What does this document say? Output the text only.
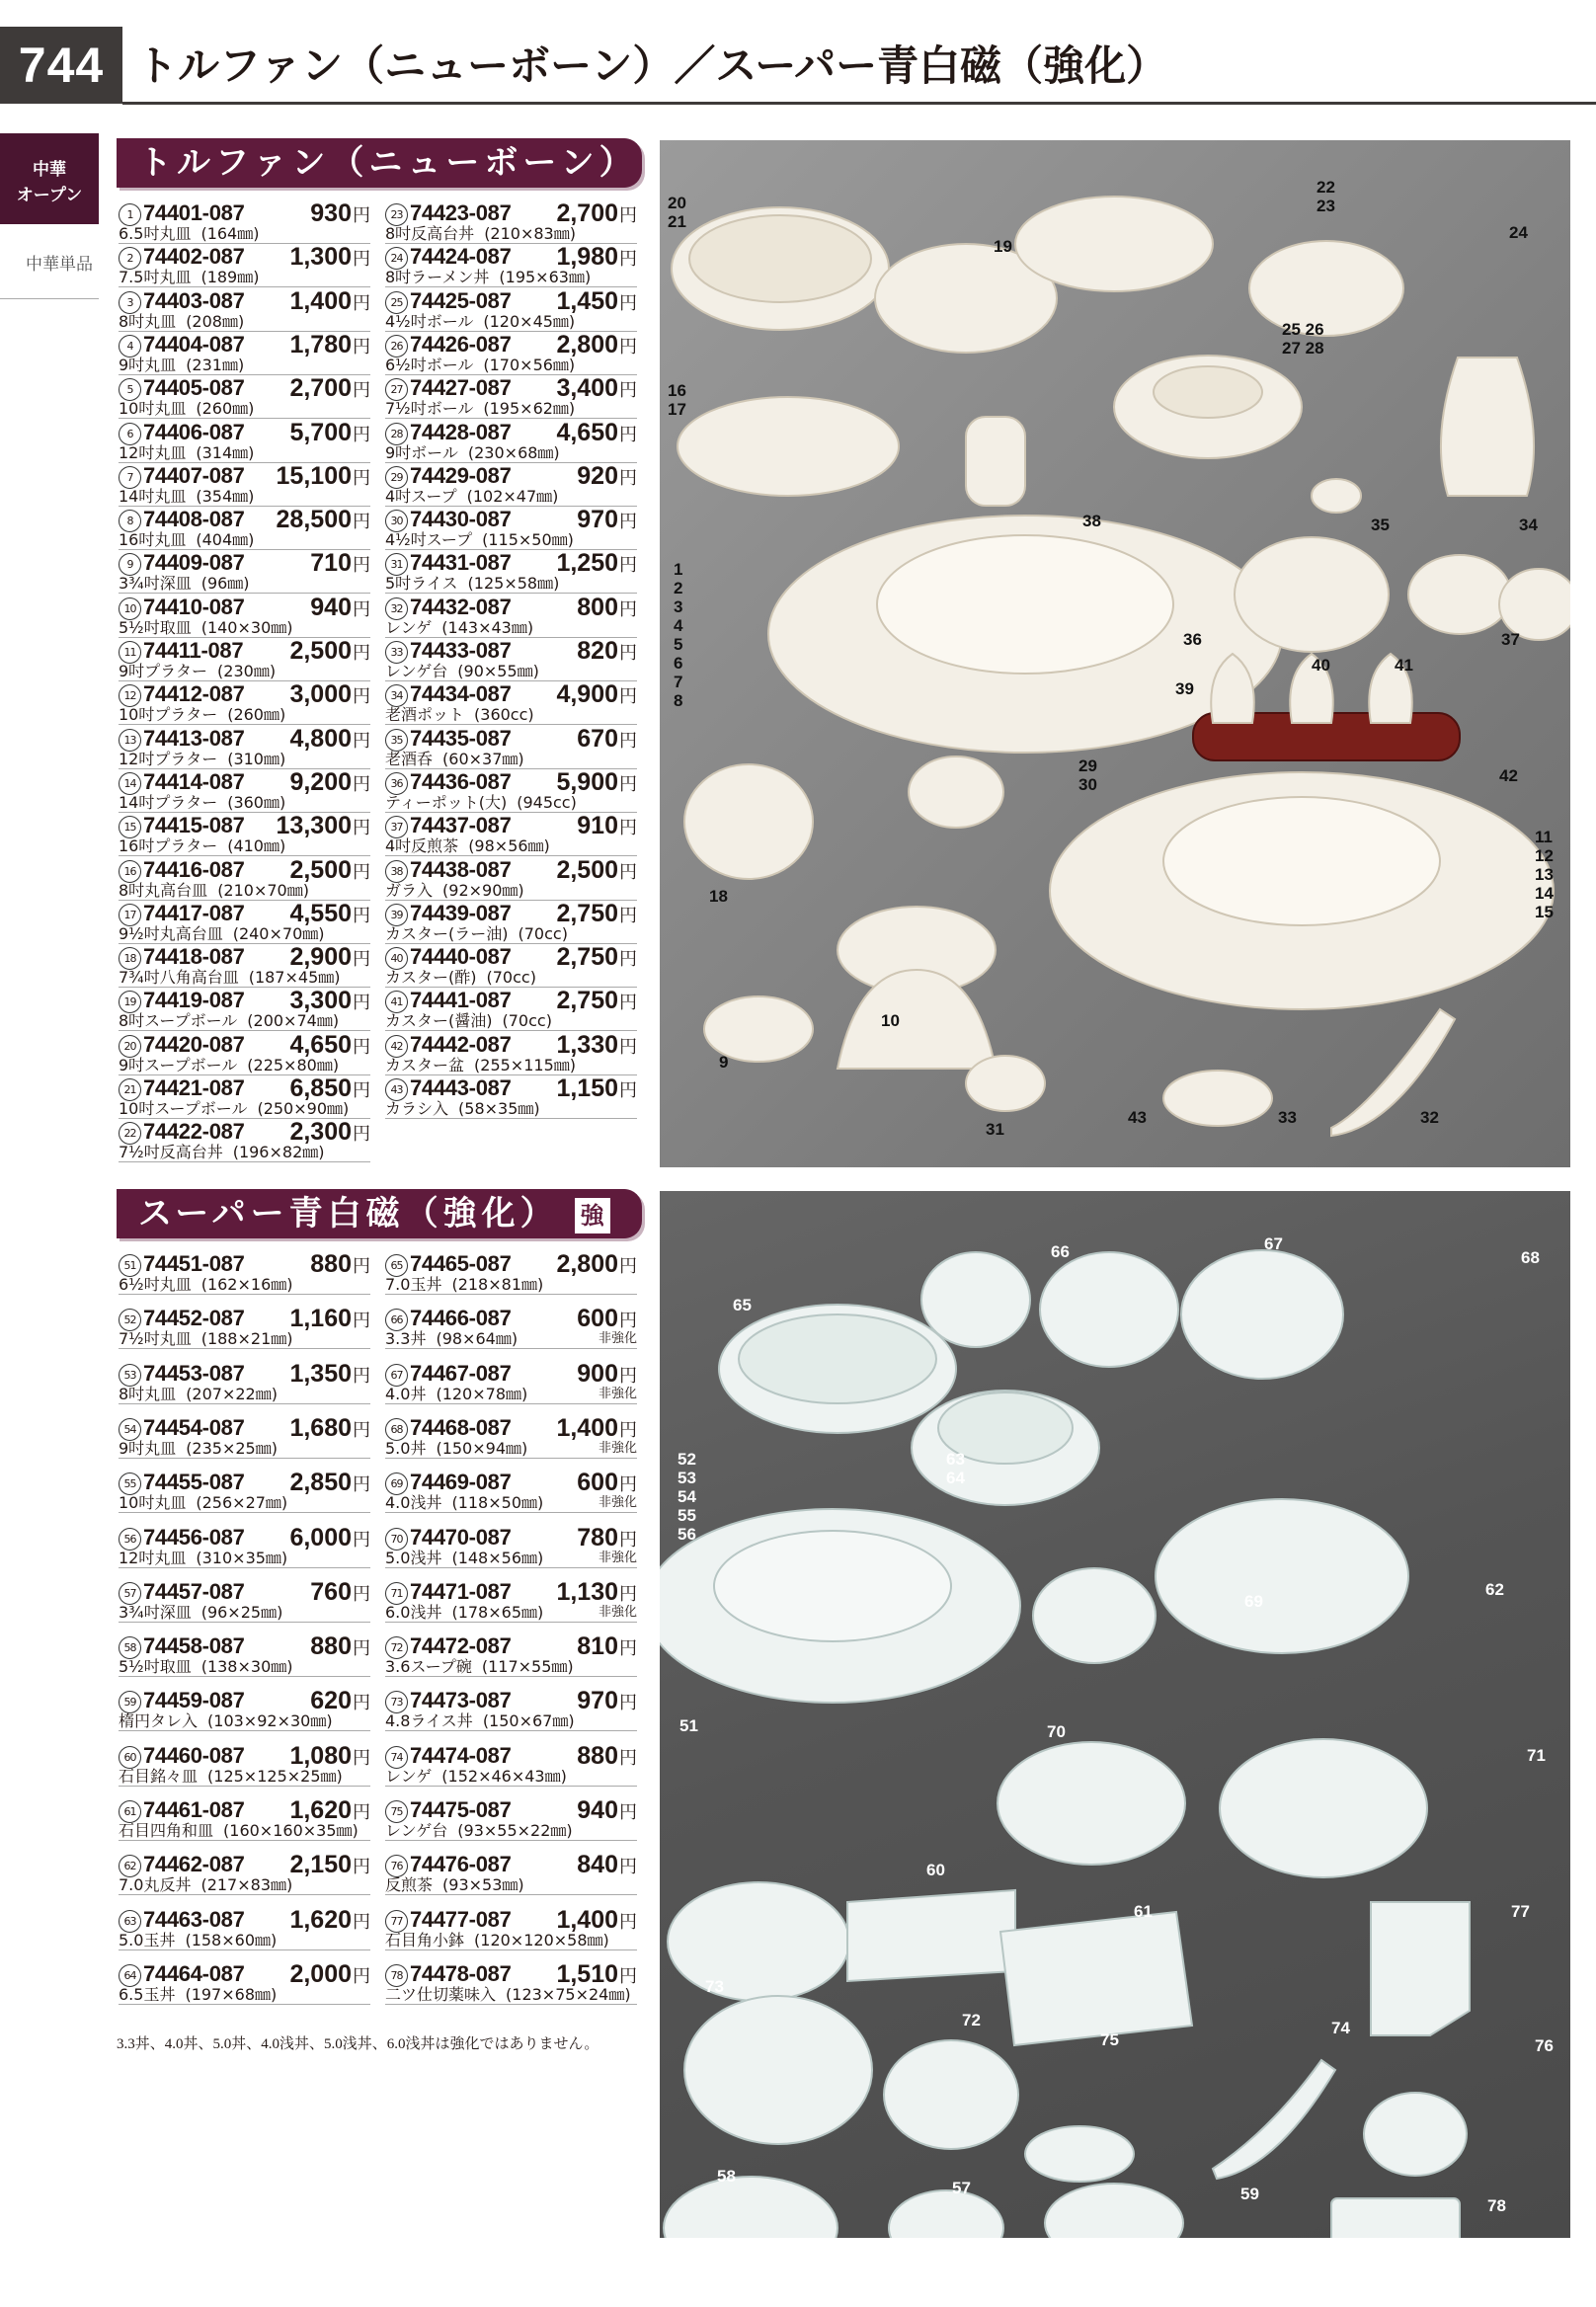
744 トルファン（ニューボーン）／スーパー青白磁（強化）
中華
オープン
中華単品
トルファン（ニューボーン）
1 74401-087	930円
6.5吋丸皿 (164㎜)
2 74402-087 1,300円
7.5吋丸皿 (189㎜)
3 74403-087 1,400円
8吋丸皿 (208㎜)
4 74404-087 1,780円
9吋丸皿 (231㎜)
5 74405-087 2,700円
10吋丸皿 (260㎜)
6 74406-087 5,700円
12吋丸皿 (314㎜)
7 74407-087 15,100円
14吋丸皿 (354㎜)
8 74408-087 28,500円
16吋丸皿 (404㎜)
9 74409-087	710円
3¾吋深皿 (96㎜)
10 74410-087	940円
5½吋取皿 (140×30㎜)
11 74411-087 2,500円
9吋プラター (230㎜)
12 74412-087 3,000円
10吋プラター (260㎜)
13 74413-087 4,800円
12吋プラター (310㎜)
14 74414-087 9,200円
14吋プラター (360㎜)
15 74415-087 13,300円
16吋プラター (410㎜)
16 74416-087 2,500円
8吋丸高台皿 (210×70㎜)
17 74417-087 4,550円
9½吋丸高台皿 (240×70㎜)
18 74418-087 2,900円
7¾吋八角高台皿 (187×45㎜)
19 74419-087 3,300円
8吋スープボール (200×74㎜)
20 74420-087 4,650円
9吋スープボール (225×80㎜)
21 74421-087 6,850円
10吋スープボール (250×90㎜)
22 74422-087 2,300円
7½吋反高台丼 (196×82㎜)
23 74423-087 2,700円
8吋反高台丼 (210×83㎜)
24 74424-087 1,980円
8吋ラーメン丼 (195×63㎜)
25 74425-087 1,450円
4½吋ボール (120×45㎜)
26 74426-087 2,800円
6½吋ボール (170×56㎜)
27 74427-087 3,400円
7½吋ボール (195×62㎜)
28 74428-087 4,650円
9吋ボール (230×68㎜)
29 74429-087	920円
4吋スープ (102×47㎜)
30 74430-087	970円
4½吋スープ (115×50㎜)
31 74431-087 1,250円
5吋ライス (125×58㎜)
32 74432-087	800円
レンゲ (143×43㎜)
33 74433-087	820円
レンゲ台 (90×55㎜)
34 74434-087 4,900円
老酒ポット (360cc)
35 74435-087	670円
老酒呑 (60×37㎜)
36 74436-087 5,900円
ティーポット(大) (945cc)
37 74437-087	910円
4吋反煎茶 (98×56㎜)
38 74438-087 2,500円
ガラ入 (92×90㎜)
39 74439-087 2,750円
カスター(ラー油) (70cc)
40 74440-087 2,750円
カスター(酢) (70cc)
41 74441-087 2,750円
カスター(醤油) (70cc)
42 74442-087 1,330円
カスター盆 (255×115㎜)
43 74443-087 1,150円
カラシ入 (58×35㎜)
スーパー青白磁（強化） 強
51 74451-087	880円
6½吋丸皿 (162×16㎜)
52 74452-087 1,160円
7½吋丸皿 (188×21㎜)
53 74453-087 1,350円
8吋丸皿 (207×22㎜)
54 74454-087 1,680円
9吋丸皿 (235×25㎜)
55 74455-087 2,850円
10吋丸皿 (256×27㎜)
56 74456-087 6,000円
12吋丸皿 (310×35㎜)
57 74457-087	760円
3¾吋深皿 (96×25㎜)
58 74458-087	880円
5½吋取皿 (138×30㎜)
59 74459-087	620円
楕円タレ入 (103×92×30㎜)
60 74460-087 1,080円
石目銘々皿 (125×125×25㎜)
61 74461-087 1,620円
石目四角和皿 (160×160×35㎜)
62 74462-087 2,150円
7.0丸反丼 (217×83㎜)
63 74463-087 1,620円
5.0玉丼 (158×60㎜)
64 74464-087 2,000円
6.5玉丼 (197×68㎜)
65 74465-087 2,800円
7.0玉丼 (218×81㎜)
66 74466-087	600円
3.3丼 (98×64㎜)	非強化
67 74467-087	900円
4.0丼 (120×78㎜)	非強化
68 74468-087 1,400円
5.0丼 (150×94㎜)	非強化
69 74469-087	600円
4.0浅丼 (118×50㎜)	非強化
70 74470-087	780円
5.0浅丼 (148×56㎜)	非強化
71 74471-087 1,130円
6.0浅丼 (178×65㎜)	非強化
72 74472-087	810円
3.6スープ碗 (117×55㎜)
73 74473-087	970円
4.8ライス丼 (150×67㎜)
74 74474-087	880円
レンゲ (152×46×43㎜)
75 74475-087	940円
レンゲ台 (93×55×22㎜)
76 74476-087	840円
反煎茶 (93×53㎜)
77 74477-087 1,400円
石目角小鉢 (120×120×58㎜)
78 74478-087 1,510円
二ツ仕切薬味入 (123×75×24㎜)
3.3丼、4.0丼、5.0丼、4.0浅丼、5.0浅丼、6.0浅丼は強化ではありません。
20
21
19
22
23
24
25 26
27 28
16
17
38	35	34
1
2
3
4
5
6
7
8
36	37
39
40	41
42
29
30
18
11
12
13
14
15
10
9
31
43	33	32
66	67
68
65
63
64
52
53
54
55
56
62
69
51	70
71
60
61	77
73
72	74
75	76
58
57	59
78
